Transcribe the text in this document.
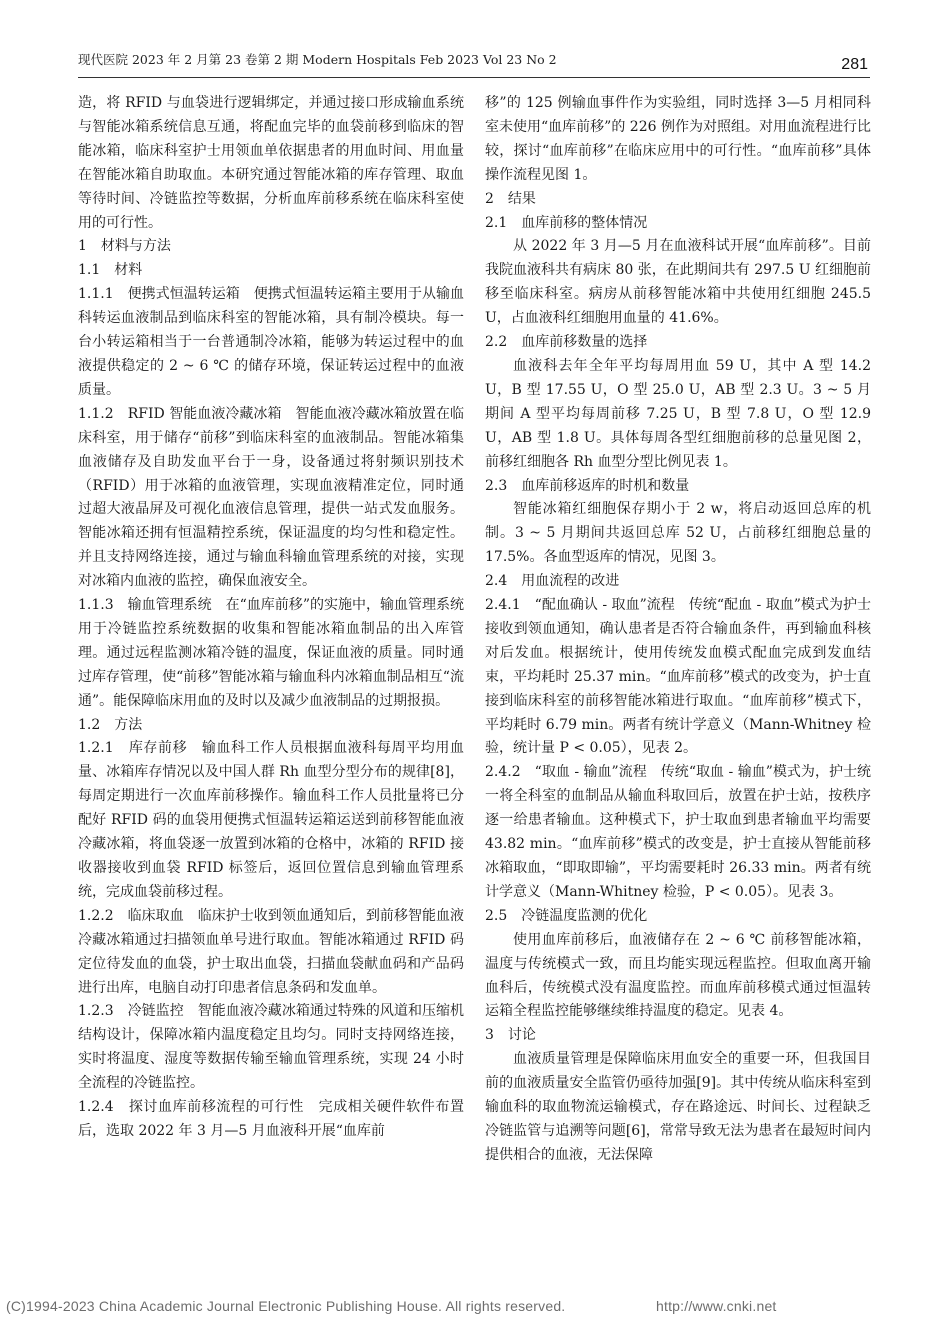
现代医院 2023 年 2 月第 23 卷第 2 期 Modern Hospitals Feb 2023 Vol 23 No 2	281

造，将 RFID 与血袋进行逻辑绑定，并通过接口形成输血系统与智能冰箱系统信息互通，将配血完毕的血袋前移到临床的智能冰箱，临床科室护士用领血单依据患者的用血时间、用血量在智能冰箱自助取血。本研究通过智能冰箱的库存管理、取血等待时间、冷链监控等数据，分析血库前移系统在临床科室使用的可行性。

1　材料与方法

1.1　材料

1.1.1　便携式恒温转运箱　便携式恒温转运箱主要用于从输血科转运血液制品到临床科室的智能冰箱，具有制冷模块。每一台小转运箱相当于一台普通制冷冰箱，能够为转运过程中的血液提供稳定的 2 ~ 6 ℃ 的储存环境，保证转运过程中的血液质量。

1.1.2　RFID 智能血液冷藏冰箱　智能血液冷藏冰箱放置在临床科室，用于储存“前移”到临床科室的血液制品。智能冰箱集血液储存及自助发血平台于一身，设备通过将射频识别技术（RFID）用于冰箱的血液管理，实现血液精准定位，同时通过超大液晶屏及可视化血液信息管理，提供一站式发血服务。智能冰箱还拥有恒温精控系统，保证温度的均匀性和稳定性。并且支持网络连接，通过与输血科输血管理系统的对接，实现对冰箱内血液的监控，确保血液安全。

1.1.3　输血管理系统　在“血库前移”的实施中，输血管理系统用于冷链监控系统数据的收集和智能冰箱血制品的出入库管理。通过远程监测冰箱冷链的温度，保证血液的质量。同时通过库存管理，使“前移”智能冰箱与输血科内冰箱血制品相互“流通”。能保障临床用血的及时以及减少血液制品的过期报损。

1.2　方法

1.2.1　库存前移　输血科工作人员根据血液科每周平均用血量、冰箱库存情况以及中国人群 Rh 血型分型分布的规律[8]，每周定期进行一次血库前移操作。输血科工作人员批量将已分配好 RFID 码的血袋用便携式恒温转运箱运送到前移智能血液冷藏冰箱，将血袋逐一放置到冰箱的仓格中，冰箱的 RFID 接收器接收到血袋 RFID 标签后，返回位置信息到输血管理系统，完成血袋前移过程。

1.2.2　临床取血　临床护士收到领血通知后，到前移智能血液冷藏冰箱通过扫描领血单号进行取血。智能冰箱通过 RFID 码定位待发血的血袋，护士取出血袋，扫描血袋献血码和产品码进行出库，电脑自动打印患者信息条码和发血单。

1.2.3　冷链监控　智能血液冷藏冰箱通过特殊的风道和压缩机结构设计，保障冰箱内温度稳定且均匀。同时支持网络连接，实时将温度、湿度等数据传输至输血管理系统，实现 24 小时全流程的冷链监控。

1.2.4　探讨血库前移流程的可行性　完成相关硬件软件布置后，选取 2022 年 3 月—5 月血液科开展“血库前

移”的 125 例输血事件作为实验组，同时选择 3—5 月相同科室未使用“血库前移”的 226 例作为对照组。对用血流程进行比较，探讨“血库前移”在临床应用中的可行性。“血库前移”具体操作流程见图 1。

2　结果

2.1　血库前移的整体情况

从 2022 年 3 月—5 月在血液科试开展“血库前移”。目前我院血液科共有病床 80 张，在此期间共有 297.5 U 红细胞前移至临床科室。病房从前移智能冰箱中共使用红细胞 245.5 U，占血液科红细胞用血量的 41.6%。

2.2　血库前移数量的选择

血液科去年全年平均每周用血 59 U，其中 A 型 14.2 U，B 型 17.55 U，O 型 25.0 U，AB 型 2.3 U。3 ~ 5 月期间 A 型平均每周前移 7.25 U，B 型 7.8 U，O 型 12.9 U，AB 型 1.8 U。具体每周各型红细胞前移的总量见图 2，前移红细胞各 Rh 血型分型比例见表 1。

2.3　血库前移返库的时机和数量

智能冰箱红细胞保存期小于 2 w，将启动返回总库的机制。3 ~ 5 月期间共返回总库 52 U，占前移红细胞总量的 17.5%。各血型返库的情况，见图 3。

2.4　用血流程的改进

2.4.1　“配血确认 - 取血”流程　传统“配血 - 取血”模式为护士接收到领血通知，确认患者是否符合输血条件，再到输血科核对后发血。根据统计，使用传统发血模式配血完成到发血结束，平均耗时 25.37 min。“血库前移”模式的改变为，护士直接到临床科室的前移智能冰箱进行取血。“血库前移”模式下，平均耗时 6.79 min。两者有统计学意义（Mann-Whitney 检验，统计量 P < 0.05），见表 2。

2.4.2　“取血 - 输血”流程　传统“取血 - 输血”模式为，护士统一将全科室的血制品从输血科取回后，放置在护士站，按秩序逐一给患者输血。这种模式下，护士取血到患者输血平均需要 43.82 min。“血库前移”模式的改变是，护士直接从智能前移冰箱取血，“即取即输”，平均需要耗时 26.33 min。两者有统计学意义（Mann-Whitney 检验，P < 0.05）。见表 3。

2.5　冷链温度监测的优化

使用血库前移后，血液储存在 2 ~ 6 ℃ 前移智能冰箱，温度与传统模式一致，而且均能实现远程监控。但取血离开输血科后，传统模式没有温度监控。而血库前移模式通过恒温转运箱全程监控能够继续维持温度的稳定。见表 4。

3　讨论

血液质量管理是保障临床用血安全的重要一环，但我国目前的血液质量安全监管仍亟待加强[9]。其中传统从临床科室到输血科的取血物流运输模式，存在路途远、时间长、过程缺乏冷链监管与追溯等问题[6]，常常导致无法为患者在最短时间内提供相合的血液，无法保障

(C)1994-2023 China Academic Journal Electronic Publishing House. All rights reserved.	http://www.cnki.net
